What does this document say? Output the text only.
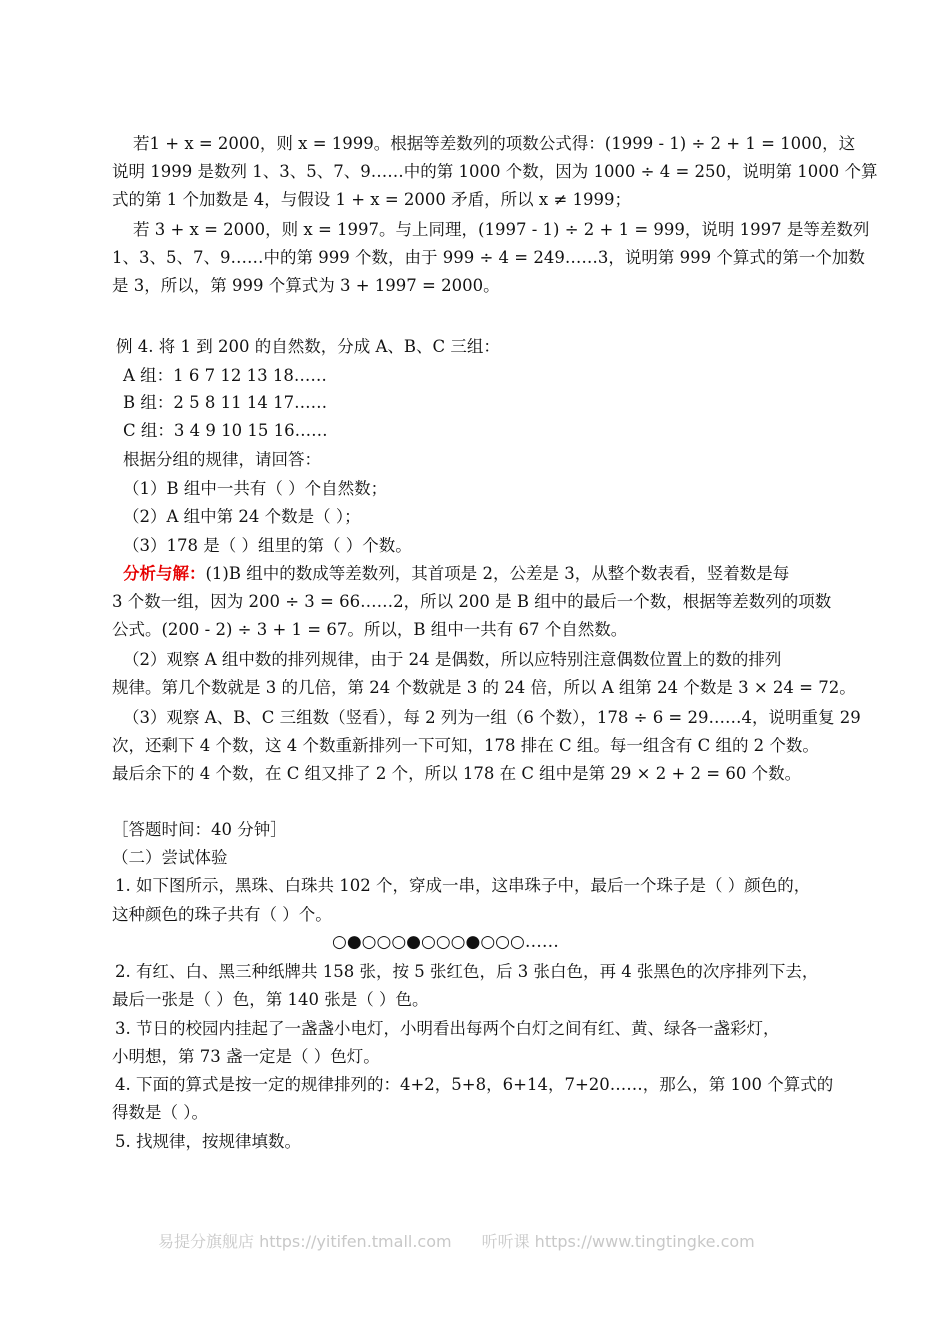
若1 + x = 2000，则 x = 1999。根据等差数列的项数公式得：(1999 - 1) ÷ 2 + 1 = 1000，这
说明 1999 是数列 1、3、5、7、9……中的第 1000 个数，因为 1000 ÷ 4 = 250，说明第 1000 个算
式的第 1 个加数是 4，与假设 1 + x = 2000 矛盾，所以 x ≠ 1999；
若 3 + x = 2000，则 x = 1997。与上同理，(1997 - 1) ÷ 2 + 1 = 999，说明 1997 是等差数列
1、3、5、7、9……中的第 999 个数，由于 999 ÷ 4 = 249……3，说明第 999 个算式的第一个加数
是 3，所以，第 999 个算式为 3 + 1997 = 2000。
例 4. 将 1 到 200 的自然数，分成 A、B、C 三组：
A 组：1 6 7 12 13 18……
B 组：2 5 8 11 14 17……
C 组：3 4 9 10 15 16……
根据分组的规律，请回答：
（1）B 组中一共有（ ）个自然数；
（2）A 组中第 24 个数是（ ）；
（3）178 是（ ）组里的第（ ）个数。
分析与解：(1)B 组中的数成等差数列，其首项是 2，公差是 3，从整个数表看，竖着数是每
3 个数一组，因为 200 ÷ 3 = 66……2，所以 200 是 B 组中的最后一个数，根据等差数列的项数
公式。(200 - 2) ÷ 3 + 1 = 67。所以，B 组中一共有 67 个自然数。
（2）观察 A 组中数的排列规律，由于 24 是偶数，所以应特别注意偶数位置上的数的排列
规律。第几个数就是 3 的几倍，第 24 个数就是 3 的 24 倍，所以 A 组第 24 个数是 3 × 24 = 72。
（3）观察 A、B、C 三组数（竖看），每 2 列为一组（6 个数），178 ÷ 6 = 29……4，说明重复 29
次，还剩下 4 个数，这 4 个数重新排列一下可知，178 排在 C 组。每一组含有 C 组的 2 个数。
最后余下的 4 个数，在 C 组又排了 2 个，所以 178 在 C 组中是第 29 × 2 + 2 = 60 个数。
［答题时间：40 分钟］
（二）尝试体验
1. 如下图所示，黑珠、白珠共 102 个，穿成一串，这串珠子中，最后一个珠子是（ ）颜色的，
这种颜色的珠子共有（ ）个。
○●○○○●○○○●○○○……
2. 有红、白、黑三种纸牌共 158 张，按 5 张红色，后 3 张白色，再 4 张黑色的次序排列下去，
最后一张是（ ）色，第 140 张是（ ）色。
3. 节日的校园内挂起了一盏盏小电灯，小明看出每两个白灯之间有红、黄、绿各一盏彩灯，
小明想，第 73 盏一定是（ ）色灯。
4. 下面的算式是按一定的规律排列的：4+2，5+8，6+14，7+20……，那么，第 100 个算式的
得数是（ ）。
5. 找规律，按规律填数。
易提分旗舰店 https://yitifen.tmall.com 听听课 https://www.tingtingke.com
